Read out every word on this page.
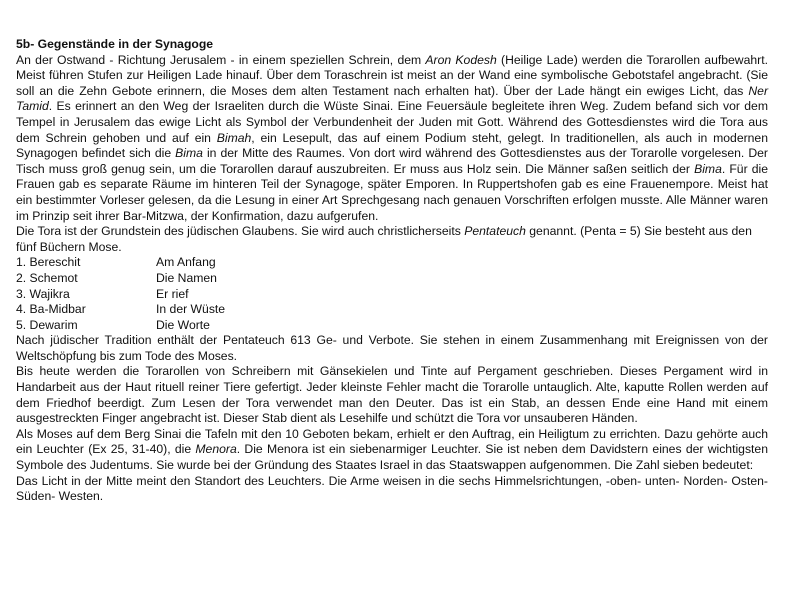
5b- Gegenstände in der Synagoge

An der Ostwand - Richtung Jerusalem - in einem speziellen Schrein, dem Aron Kodesh (Heilige Lade) werden die Torarollen aufbewahrt. Meist führen Stufen zur Heiligen Lade hinauf. Über dem Toraschrein ist meist an der Wand eine symbolische Gebotstafel angebracht. (Sie soll an die Zehn Gebote erinnern, die Moses dem alten Testament nach erhalten hat). Über der Lade hängt ein ewiges Licht, das Ner Tamid. Es erinnert an den Weg der Israeliten durch die Wüste Sinai. Eine Feuersäule begleitete ihren Weg. Zudem befand sich vor dem Tempel in Jerusalem das ewige Licht als Symbol der Verbundenheit der Juden mit Gott. Während des Gottesdienstes wird die Tora aus dem Schrein gehoben und auf ein Bimah, ein Lesepult, das auf einem Podium steht, gelegt. In traditionellen, als auch in modernen Synagogen befindet sich die Bima in der Mitte des Raumes. Von dort wird während des Gottesdienstes aus der Torarolle vorgelesen. Der Tisch muss groß genug sein, um die Torarollen darauf auszubreiten. Er muss aus Holz sein. Die Männer saßen seitlich der Bima. Für die Frauen gab es separate Räume im hinteren Teil der Synagoge, später Emporen. In Ruppertshofen gab es eine Frauenempore. Meist hat ein bestimmter Vorleser gelesen, da die Lesung in einer Art Sprechgesang nach genauen Vorschriften erfolgen musste. Alle Männer waren im Prinzip seit ihrer Bar-Mitzwa, der Konfirmation, dazu aufgerufen.

Die Tora ist der Grundstein des jüdischen Glaubens. Sie wird auch christlicherseits Pentateuch genannt. (Penta = 5) Sie besteht aus den fünf Büchern Mose.

1. Bereschit	Am Anfang
2. Schemot	Die Namen
3. Wajikra	Er rief
4. Ba-Midbar	In der Wüste
5. Dewarim	Die Worte

Nach jüdischer Tradition enthält der Pentateuch 613 Ge- und Verbote. Sie stehen in einem Zusammenhang mit Ereignissen von der Weltschöpfung bis zum Tode des Moses.

Bis heute werden die Torarollen von Schreibern mit Gänsekielen und Tinte auf Pergament geschrieben. Dieses Pergament wird in Handarbeit aus der Haut rituell reiner Tiere gefertigt. Jeder kleinste Fehler macht die Torarolle untauglich. Alte, kaputte Rollen werden auf dem Friedhof beerdigt. Zum Lesen der Tora verwendet man den Deuter. Das ist ein Stab, an dessen Ende eine Hand mit einem ausgestreckten Finger angebracht ist. Dieser Stab dient als Lesehilfe und schützt die Tora vor unsauberen Händen.

Als Moses auf dem Berg Sinai die Tafeln mit den 10 Geboten bekam, erhielt er den Auftrag, ein Heiligtum zu errichten. Dazu gehörte auch ein Leuchter (Ex 25, 31-40), die Menora. Die Menora ist ein siebenarmiger Leuchter. Sie ist neben dem Davidstern eines der wichtigsten Symbole des Judentums. Sie wurde bei der Gründung des Staates Israel in das Staatswappen aufgenommen. Die Zahl sieben bedeutet:

Das Licht in der Mitte meint den Standort des Leuchters. Die Arme weisen in die sechs Himmelsrichtungen, -oben- unten- Norden- Osten- Süden- Westen.
